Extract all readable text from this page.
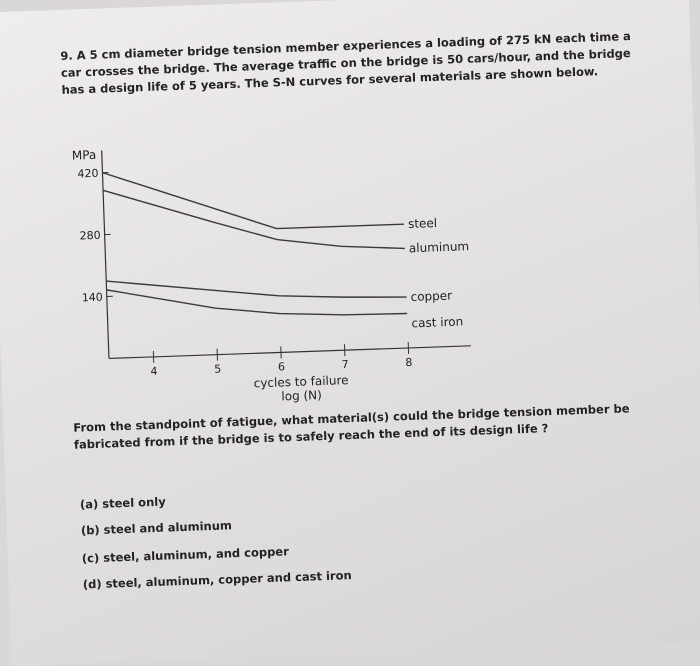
9. A 5 cm diameter bridge tension member experiences a loading of 275 kN each time a car crosses the bridge. The average traffic on the bridge is 50 cars/hour, and the bridge has a design life of 5 years. The S-N curves for several materials are shown below.
MPa
140
280
420
4	5	6	7	8
cycles to failure
log (N)
steel
aluminum
copper
cast iron
From the standpoint of fatigue, what material(s) could the bridge tension member be fabricated from if the bridge is to safely reach the end of its design life ?
(a) steel only
(b) steel and aluminum
(c) steel, aluminum, and copper
(d) steel, aluminum, copper and cast iron
